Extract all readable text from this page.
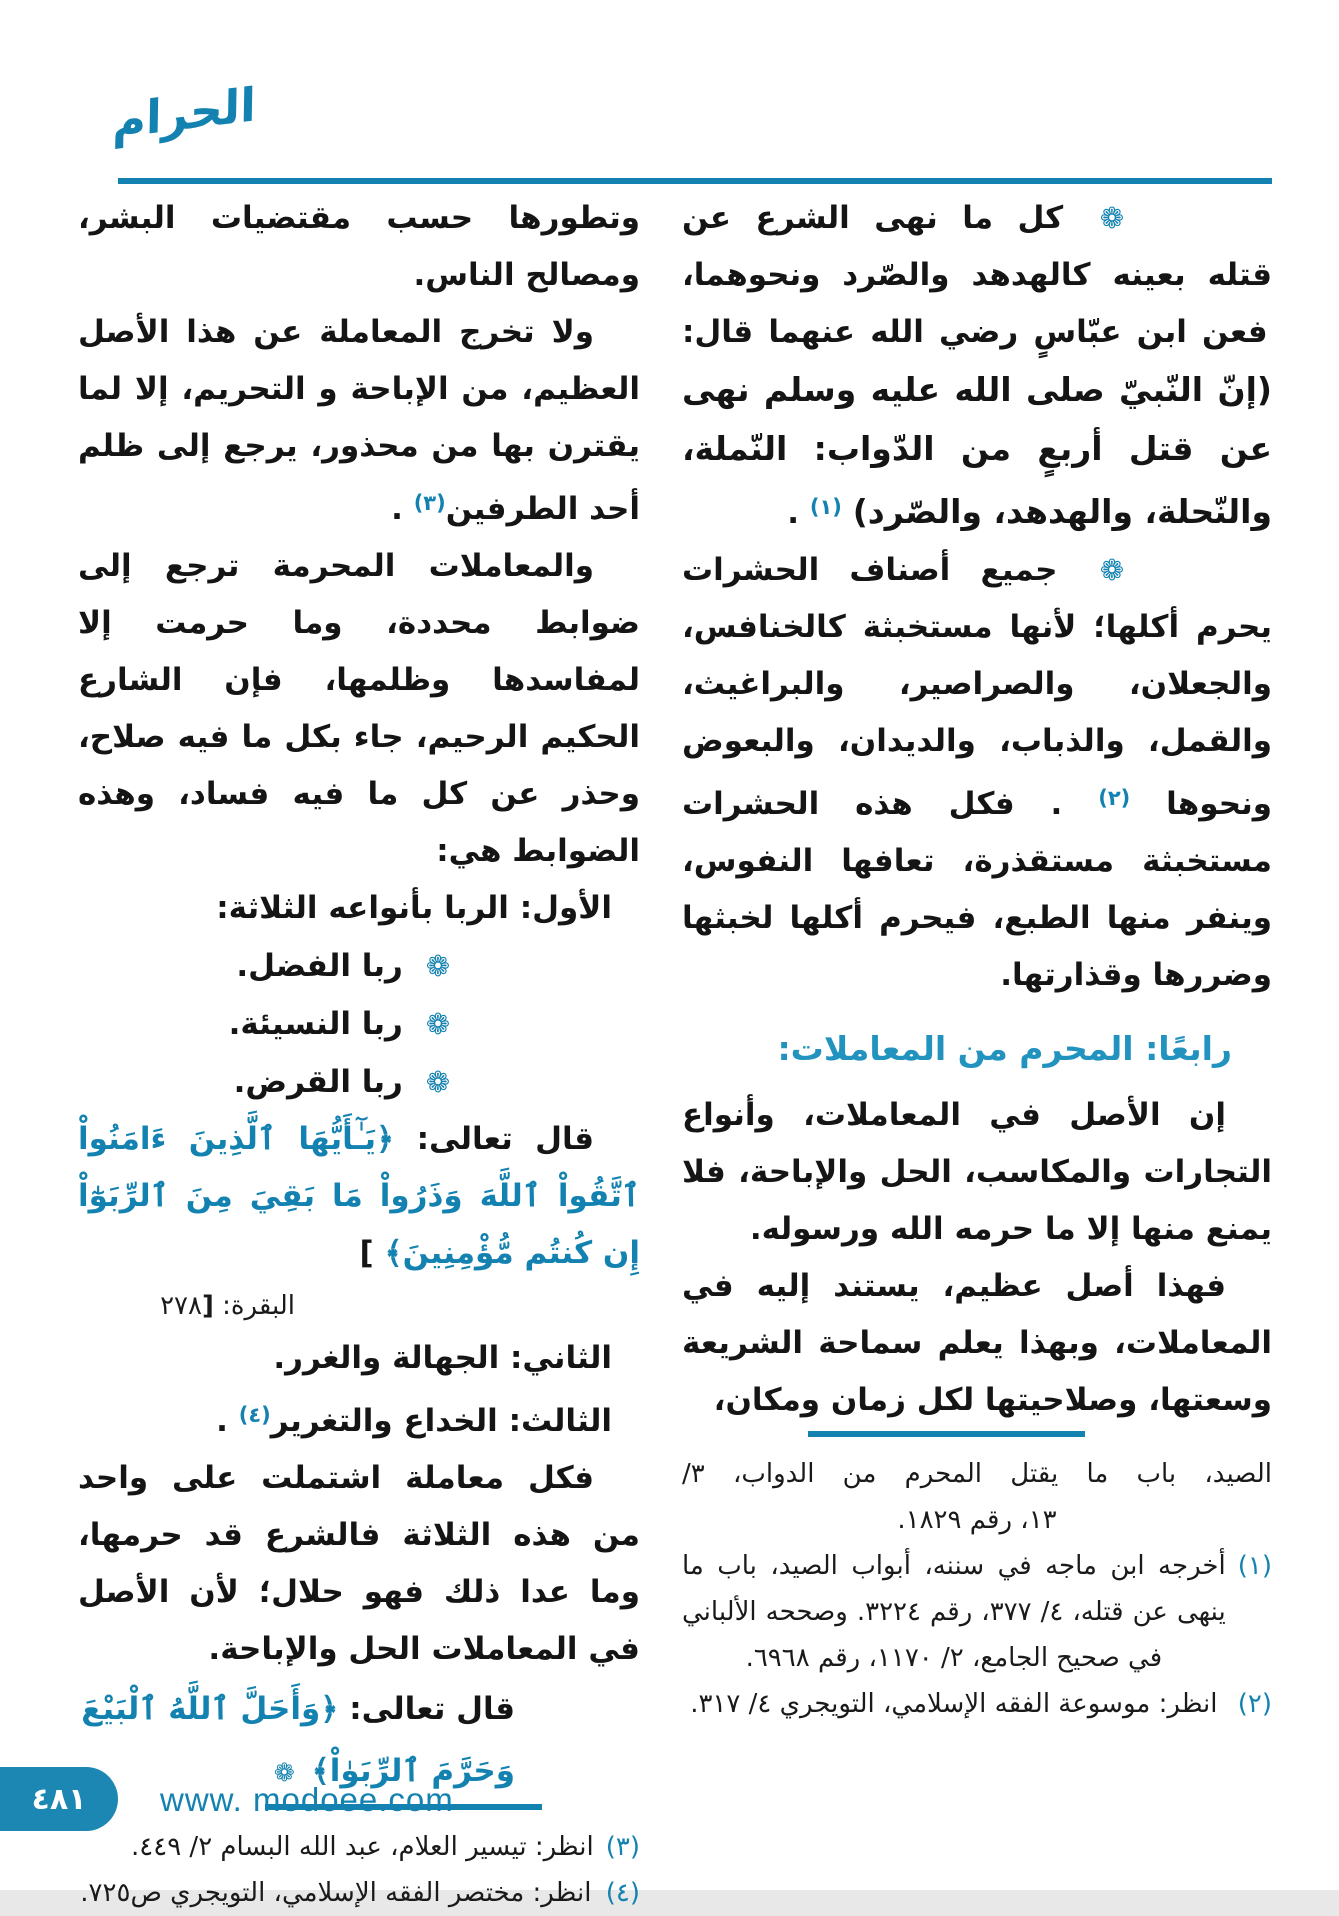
الحرام

❁ كل ما نهى الشرع عن قتله بعينه كالهدهد والصّرد ونحوهما، فعن ابن عبّاسٍ رضي الله عنهما قال: (إنّ النّبيّ صلى الله عليه وسلم نهى عن قتل أربعٍ من الدّواب: النّملة، والنّحلة، والهدهد، والصّرد) $^{(١)}$ .

❁ جميع أصناف الحشرات يحرم أكلها؛ لأنها مستخبثة كالخنافس، والجعلان، والصراصير، والبراغيث، والقمل، والذباب، والديدان، والبعوض ونحوها $^{(٢)}$ . فكل هذه الحشرات مستخبثة مستقذرة، تعافها النفوس، وينفر منها الطبع، فيحرم أكلها لخبثها وضررها وقذارتها.

رابعًا: المحرم من المعاملات:

إن الأصل في المعاملات، وأنواع التجارات والمكاسب، الحل والإباحة، فلا يمنع منها إلا ما حرمه الله ورسوله.

فهذا أصل عظيم، يستند إليه في المعاملات، وبهذا يعلم سماحة الشريعة وسعتها، وصلاحيتها لكل زمان ومكان،

الصيد، باب ما يقتل المحرم من الدواب، ٣/
١٣، رقم ١٨٢٩.
(١)
أخرجه ابن ماجه في سننه، أبواب الصيد، باب ما ينهى عن قتله، ٤/ ٣٧٧، رقم ٣٢٢٤. وصححه الألباني في صحيح الجامع، ٢/ ١١٧٠، رقم ٦٩٦٨.
(٢)
انظر: موسوعة الفقه الإسلامي، التويجري ٤/ ٣١٧.

وتطورها حسب مقتضيات البشر، ومصالح الناس.

ولا تخرج المعاملة عن هذا الأصل العظيم، من الإباحة و التحريم، إلا لما يقترن بها من محذور، يرجع إلى ظلم أحد الطرفين$^{(٣)}$ .

والمعاملات المحرمة ترجع إلى ضوابط محددة، وما حرمت إلا لمفاسدها وظلمها، فإن الشارع الحكيم الرحيم، جاء بكل ما فيه صلاح، وحذر عن كل ما فيه فساد، وهذه الضوابط هي:

الأول: الربا بأنواعه الثلاثة:
❁ ربا الفضل.
❁ ربا النسيئة.
❁ ربا القرض.

قال تعالى: ﴿يَـٰٓأَيُّهَا ٱلَّذِينَ ءَامَنُواْ ٱتَّقُواْ ٱللَّهَ وَذَرُواْ مَا بَقِيَ مِنَ ٱلرِّبَوٰٓاْ إِن كُنتُم مُّؤْمِنِينَ﴾ [

البقرة: ٢٧٨]
الثاني: الجهالة والغرر.
الثالث: الخداع والتغرير$^{(٤)}$ .

فكل معاملة اشتملت على واحد من هذه الثلاثة فالشرع قد حرمها، وما عدا ذلك فهو حلال؛ لأن الأصل في المعاملات الحل والإباحة.

قال تعالى: ﴿وَأَحَلَّ ٱللَّهُ ٱلْبَيْعَ وَحَرَّمَ ٱلرِّبَوٰاْ﴾ ❁
(٣)
انظر: تيسير العلام، عبد الله البسام ٢/ ٤٤٩.
(٤)
انظر: مختصر الفقه الإسلامي، التويجري ص٧٢٥.
٤٨١ www. modoee.com
